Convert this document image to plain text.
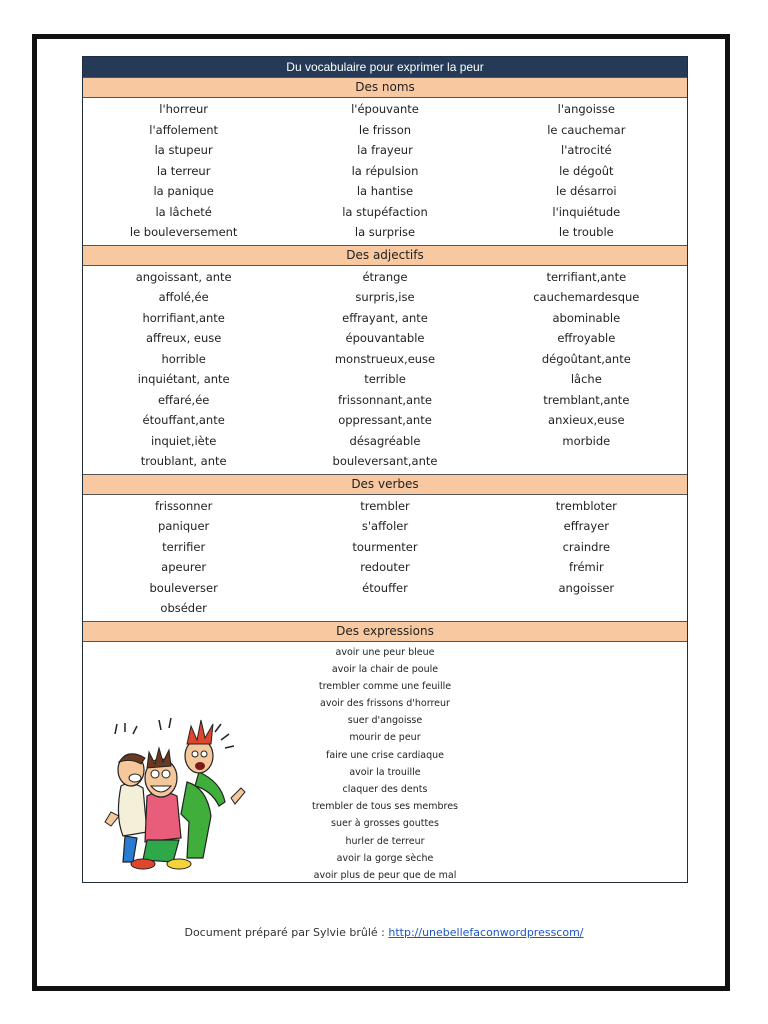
Du vocabulaire pour exprimer la peur
Des noms
l'horreur	l'épouvante	l'angoisse
l'affolement	le frisson	le cauchemar
la stupeur	la frayeur	l'atrocité
la terreur	la répulsion	le dégoût
la panique	la hantise	le désarroi
la lâcheté	la stupéfaction	l'inquiétude
le bouleversement	la surprise	le trouble
Des adjectifs
angoissant, ante	étrange	terrifiant,ante
affolé,ée	surpris,ise	cauchemardesque
horrifiant,ante	effrayant, ante	abominable
affreux, euse	épouvantable	effroyable
horrible	monstrueux,euse	dégoûtant,ante
inquiétant, ante	terrible	lâche
effaré,ée	frissonnant,ante	tremblant,ante
étouffant,ante	oppressant,ante	anxieux,euse
inquiet,iète	désagréable	morbide
troublant, ante	bouleversant,ante
Des verbes
frissonner	trembler	trembloter
paniquer	s'affoler	effrayer
terrifier	tourmenter	craindre
apeurer	redouter	frémir
bouleverser	étouffer	angoisser
obséder
Des expressions
avoir une peur bleue
avoir la chair de poule
trembler comme une feuille
avoir des frissons d'horreur
suer d'angoisse
mourir de peur
faire une crise cardiaque
avoir la trouille
claquer des dents
trembler de tous ses membres
suer à grosses gouttes
hurler de terreur
avoir la gorge sèche
avoir plus de peur que de mal
Document préparé par Sylvie brûlé : http://unebellefaconwordpresscom/
